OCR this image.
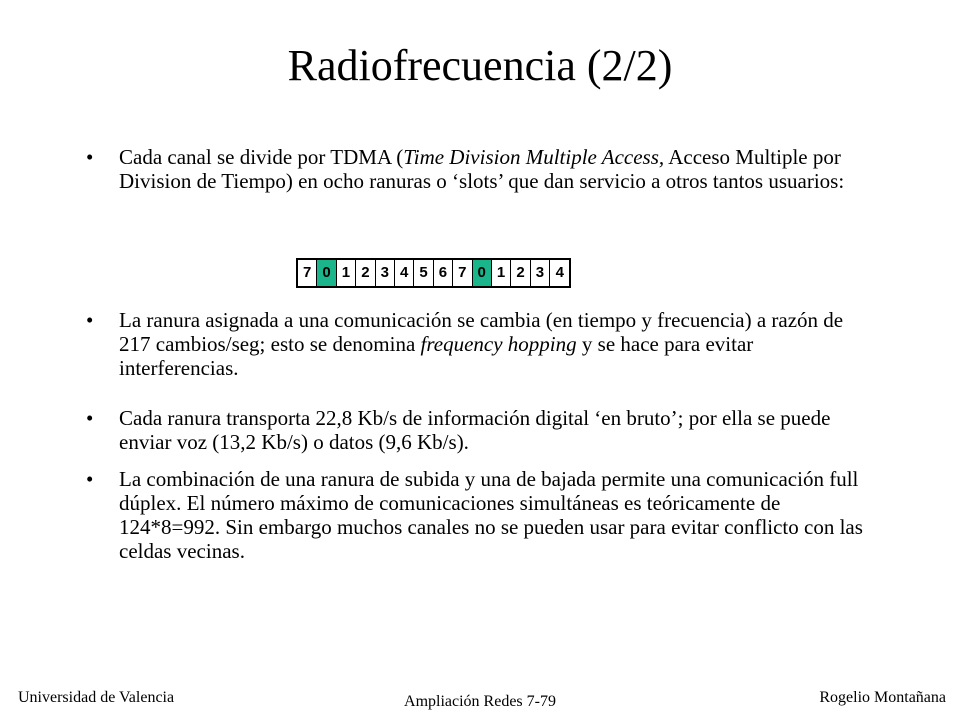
Radiofrecuencia (2/2)
• Cada canal se divide por TDMA (Time Division Multiple Access, Acceso Multiple por Division de Tiempo) en ocho ranuras o ‘slots’ que dan servicio a otros tantos usuarios:
7 0 1 2 3 4 5 6 7 0 1 2 3 4
• La ranura asignada a una comunicación se cambia (en tiempo y frecuencia) a razón de 217 cambios/seg; esto se denomina frequency hopping y se hace para evitar interferencias.
• Cada ranura transporta 22,8 Kb/s de información digital ‘en bruto’; por ella se puede enviar voz (13,2 Kb/s) o datos (9,6 Kb/s).
• La combinación de una ranura de subida y una de bajada permite una comunicación full dúplex. El número máximo de comunicaciones simultáneas es teóricamente de 124*8=992. Sin embargo muchos canales no se pueden usar para evitar conflicto con las celdas vecinas.
Universidad de Valencia	Ampliación Redes 7-79	Rogelio Montañana
